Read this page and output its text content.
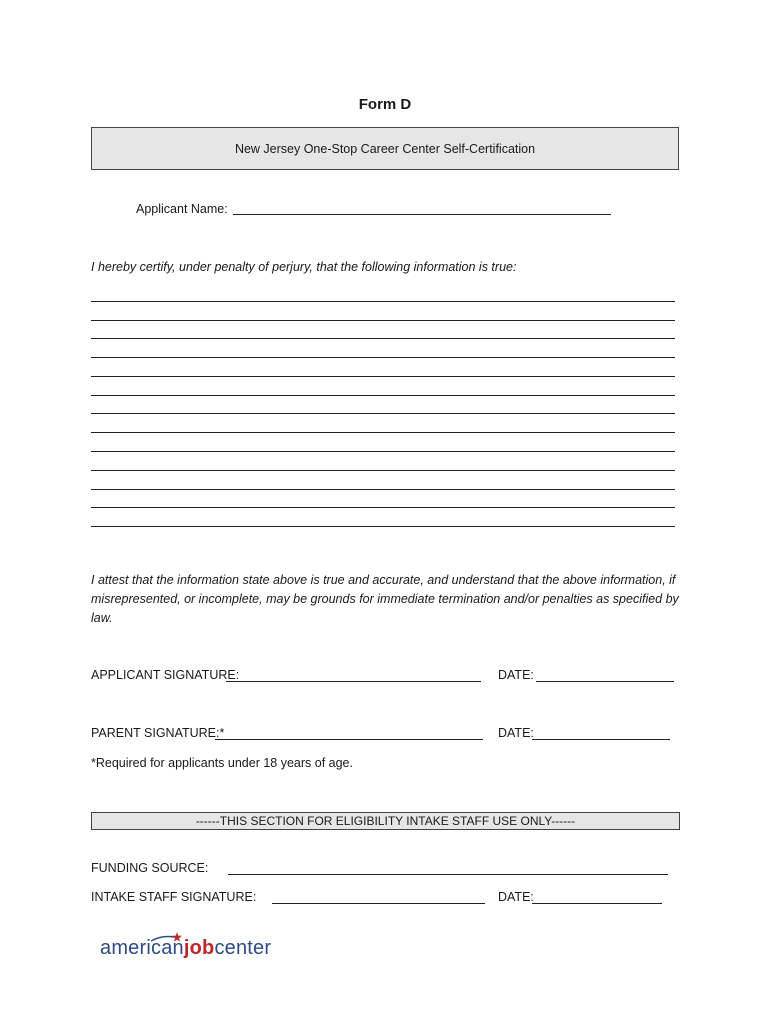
Form D
New Jersey One-Stop Career Center Self-Certification
Applicant Name:
I hereby certify, under penalty of perjury, that the following information is true:
I attest that the information state above is true and accurate, and understand that the above information, if misrepresented, or incomplete, may be grounds for immediate termination and/or penalties as specified by law.
APPLICANT SIGNATURE:	DATE:
PARENT SIGNATURE:*	DATE:
*Required for applicants under 18 years of age.
------THIS SECTION FOR ELIGIBILITY INTAKE STAFF USE ONLY------
FUNDING SOURCE:
INTAKE STAFF SIGNATURE:	DATE:
americanjobcenter
